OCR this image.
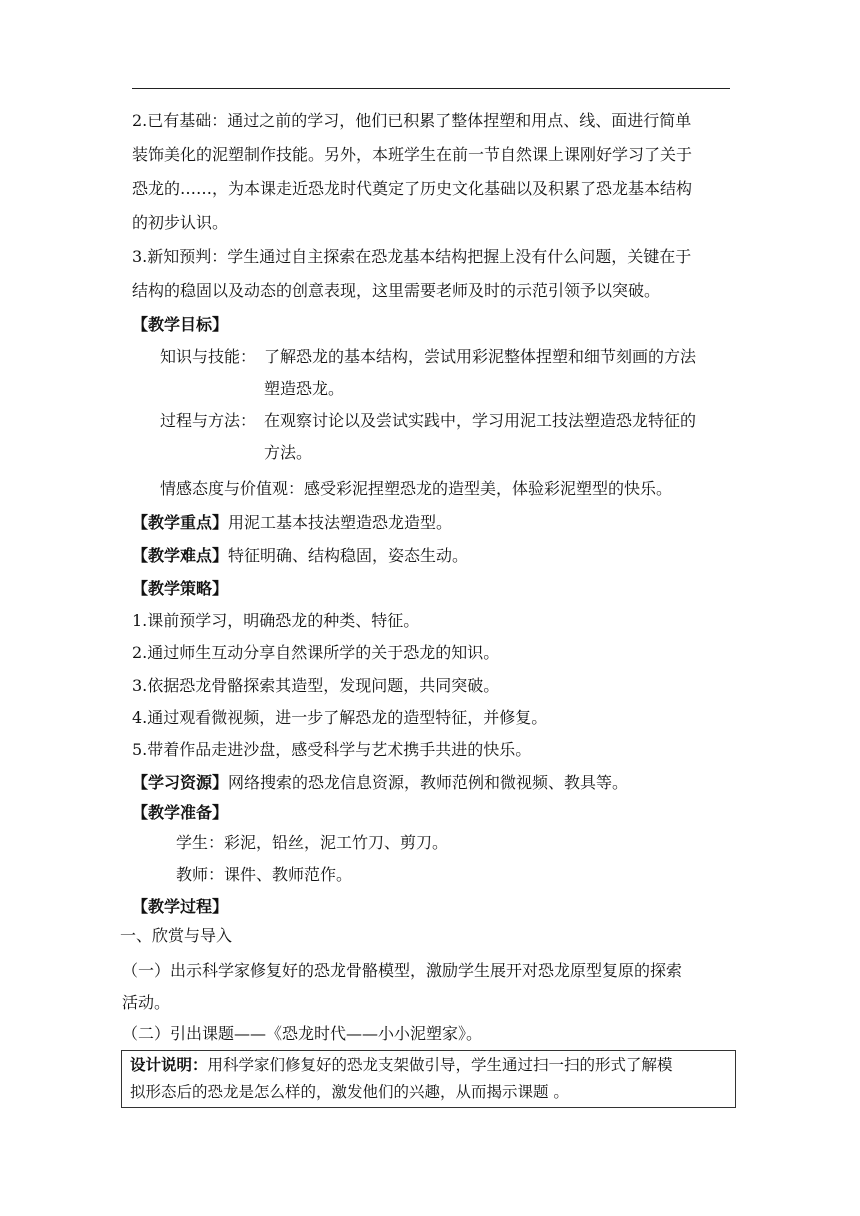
2.已有基础：通过之前的学习，他们已积累了整体捏塑和用点、线、面进行简单
装饰美化的泥塑制作技能。另外，本班学生在前一节自然课上课刚好学习了关于
恐龙的……，为本课走近恐龙时代奠定了历史文化基础以及积累了恐龙基本结构
的初步认识。
3.新知预判：学生通过自主探索在恐龙基本结构把握上没有什么问题，关键在于
结构的稳固以及动态的创意表现，这里需要老师及时的示范引领予以突破。
【教学目标】
知识与技能： 了解恐龙的基本结构，尝试用彩泥整体捏塑和细节刻画的方法
塑造恐龙。
过程与方法： 在观察讨论以及尝试实践中，学习用泥工技法塑造恐龙特征的
方法。
情感态度与价值观：感受彩泥捏塑恐龙的造型美，体验彩泥塑型的快乐。
【教学重点】用泥工基本技法塑造恐龙造型。
【教学难点】特征明确、结构稳固，姿态生动。
【教学策略】
1.课前预学习，明确恐龙的种类、特征。
2.通过师生互动分享自然课所学的关于恐龙的知识。
3.依据恐龙骨骼探索其造型，发现问题，共同突破。
4.通过观看微视频，进一步了解恐龙的造型特征，并修复。
5.带着作品走进沙盘，感受科学与艺术携手共进的快乐。
【学习资源】网络搜索的恐龙信息资源，教师范例和微视频、教具等。
【教学准备】
学生：彩泥，铅丝，泥工竹刀、剪刀。
教师：课件、教师范作。
【教学过程】
一、欣赏与导入
（一）出示科学家修复好的恐龙骨骼模型，激励学生展开对恐龙原型复原的探索
活动。
（二）引出课题——《恐龙时代——小小泥塑家》。
设计说明：用科学家们修复好的恐龙支架做引导，学生通过扫一扫的形式了解模
拟形态后的恐龙是怎么样的，激发他们的兴趣，从而揭示课题 。
